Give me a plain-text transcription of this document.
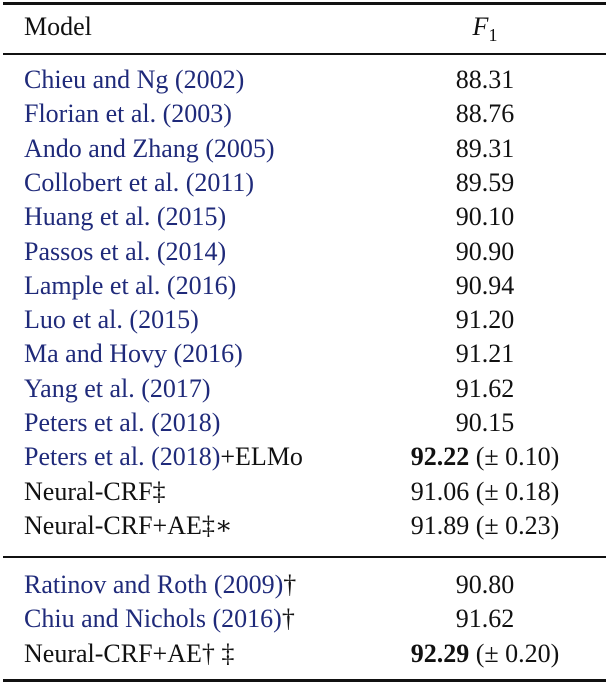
Model	$F_1$
Chieu and Ng (2002)	88.31
Florian et al. (2003)	88.76
Ando and Zhang (2005)	89.31
Collobert et al. (2011)	89.59
Huang et al. (2015)	90.10
Passos et al. (2014)	90.90
Lample et al. (2016)	90.94
Luo et al. (2015)	91.20
Ma and Hovy (2016)	91.21
Yang et al. (2017)	91.62
Peters et al. (2018)	90.15
Peters et al. (2018)+ELMo	92.22 (± 0.10)
Neural-CRF‡	91.06 (± 0.18)
Neural-CRF+AE‡∗	91.89 (± 0.23)
Ratinov and Roth (2009)†	90.80
Chiu and Nichols (2016)†	91.62
Neural-CRF+AE† ‡	92.29 (± 0.20)
